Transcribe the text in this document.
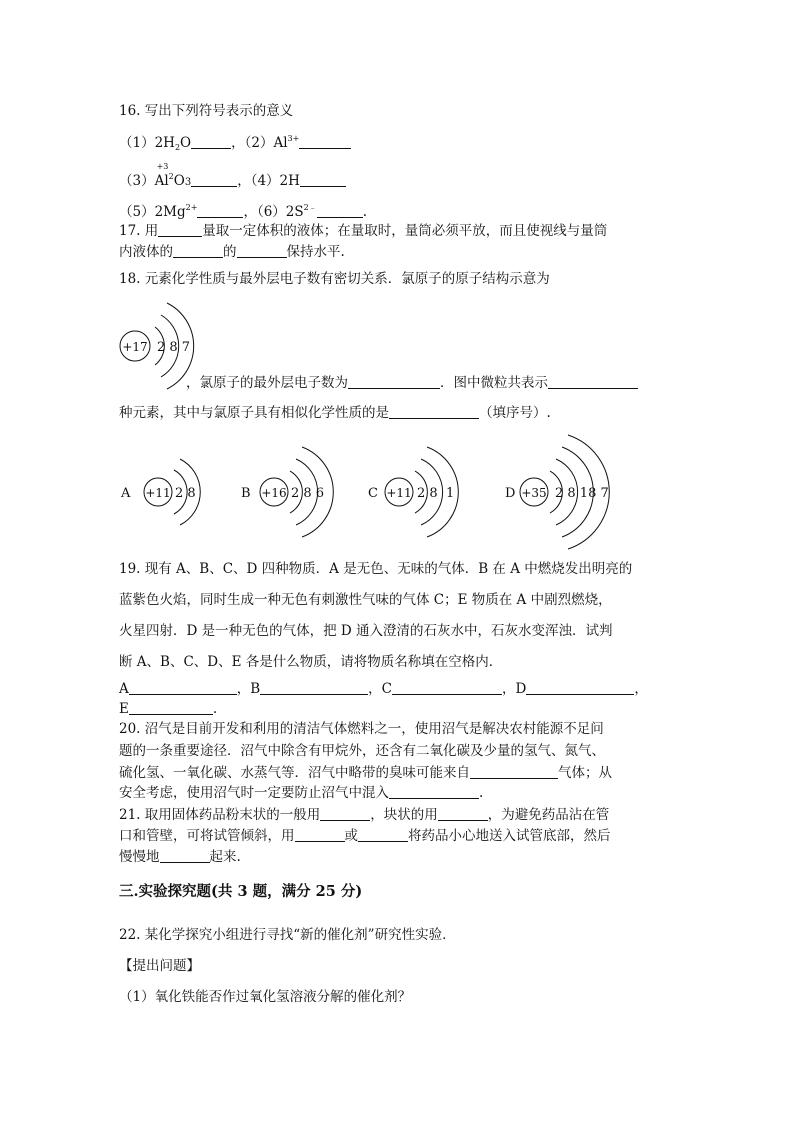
16. 写出下列符号表示的意义
$(1)2H_2O$	，$(2)Al^{3+}$
（3）
+3
Al$^2$O3	，（4）2H
$(5)2Mg^{2+}$	，$(6)2S^{2﹣}$	.
17. 用	量取一定体积的液体；在量取时，量筒必须平放，而且使视线与量筒
内液体的	的	保持水平.
18. 元素化学性质与最外层电子数有密切关系．氯原子的原子结构示意为
+17 2 8 7
，氯原子的最外层电子数为	．图中微粒共表示
种元素，其中与氯原子具有相似化学性质的是	（填序号）.
A +11 2 8	B +16 2 8 6	C +11 2 8  1	D +35 2 8 18 7
19. 现有 A、B、C、D 四种物质．A 是无色、无味的气体．B 在 A 中燃烧发出明亮的
蓝紫色火焰，同时生成一种无色有刺激性气味的气体 C；E 物质在 A 中剧烈燃烧，
火星四射．D 是一种无色的气体，把 D 通入澄清的石灰水中，石灰水变浑浊．试判
断 A、B、C、D、E 各是什么物质，请将物质名称填在空格内．
A	，B	，C	，D	，
E	.
20. 沼气是目前开发和利用的清洁气体燃料之一，使用沼气是解决农村能源不足问
题的一条重要途径．沼气中除含有甲烷外，还含有二氧化碳及少量的氢气、氮气、
硫化氢、一氧化碳、水蒸气等．沼气中略带的臭味可能来自	气体；从
安全考虑，使用沼气时一定要防止沼气中混入	.
21. 取用固体药品粉末状的一般用	，块状的用	，为避免药品沾在管
口和管壁，可将试管倾斜，用	或	将药品小心地送入试管底部，然后
慢慢地	起来.
三.实验探究题(共 3 题，满分 25 分)
22. 某化学探究小组进行寻找“新的催化剂”研究性实验．
【提出问题】
（1）氧化铁能否作过氧化氢溶液分解的催化剂？
